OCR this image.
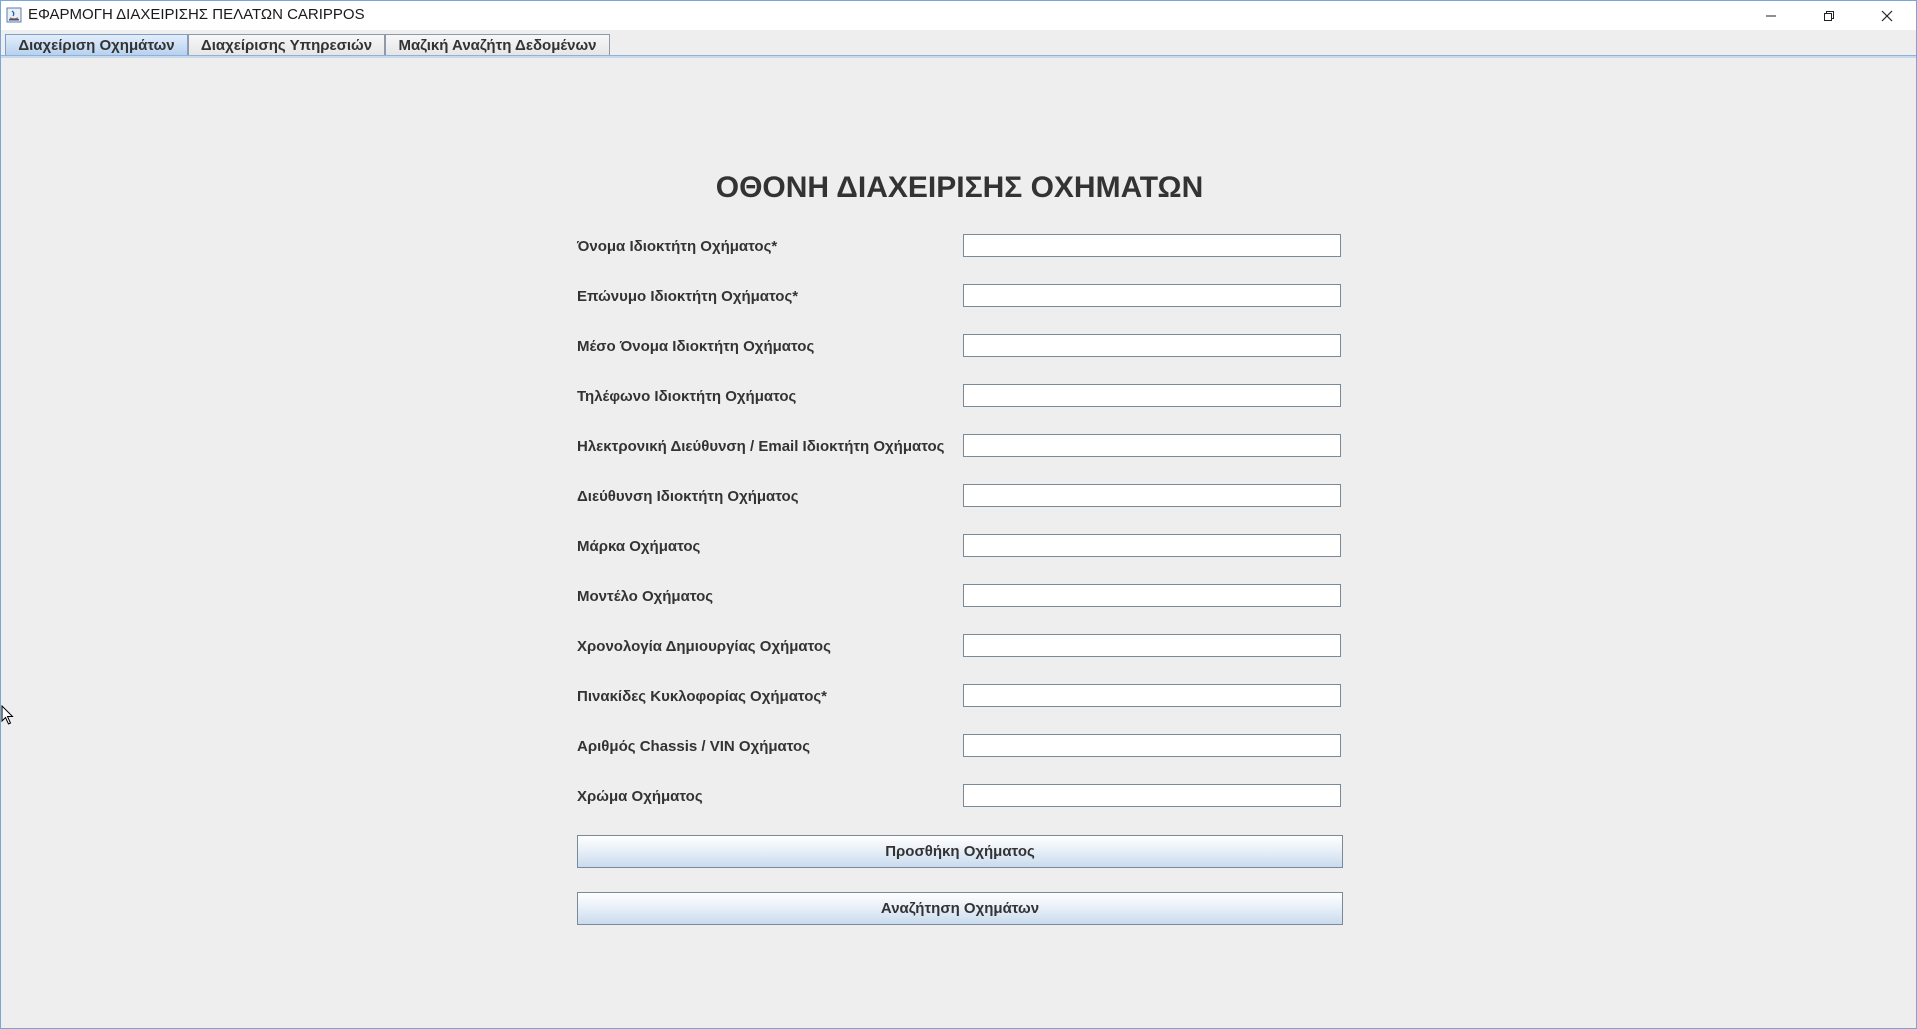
ΕΦΑΡΜΟΓΗ ΔΙΑΧΕΙΡΙΣΗΣ ΠΕΛΑΤΩΝ CARIPPOS
Διαχείριση Οχημάτων	Διαχείρισης Υπηρεσιών	Μαζική Αναζήτη Δεδομένων
ΟΘΟΝΗ ΔΙΑΧΕΙΡΙΣΗΣ ΟΧΗΜΑΤΩΝ
Όνομα Ιδιοκτήτη Οχήματος*
Επώνυμο Ιδιοκτήτη Οχήματος*
Μέσο Όνομα Ιδιοκτήτη Οχήματος
Τηλέφωνο Ιδιοκτήτη Οχήματος
Ηλεκτρονική Διεύθυνση / Email Ιδιοκτήτη Οχήματος
Διεύθυνση Ιδιοκτήτη Οχήματος
Μάρκα Οχήματος
Μοντέλο Οχήματος
Χρονολογία Δημιουργίας Οχήματος
Πινακίδες Κυκλοφορίας Οχήματος*
Αριθμός Chassis / VIN Οχήματος
Χρώμα Οχήματος
Προσθήκη Οχήματος
Αναζήτηση Οχημάτων
